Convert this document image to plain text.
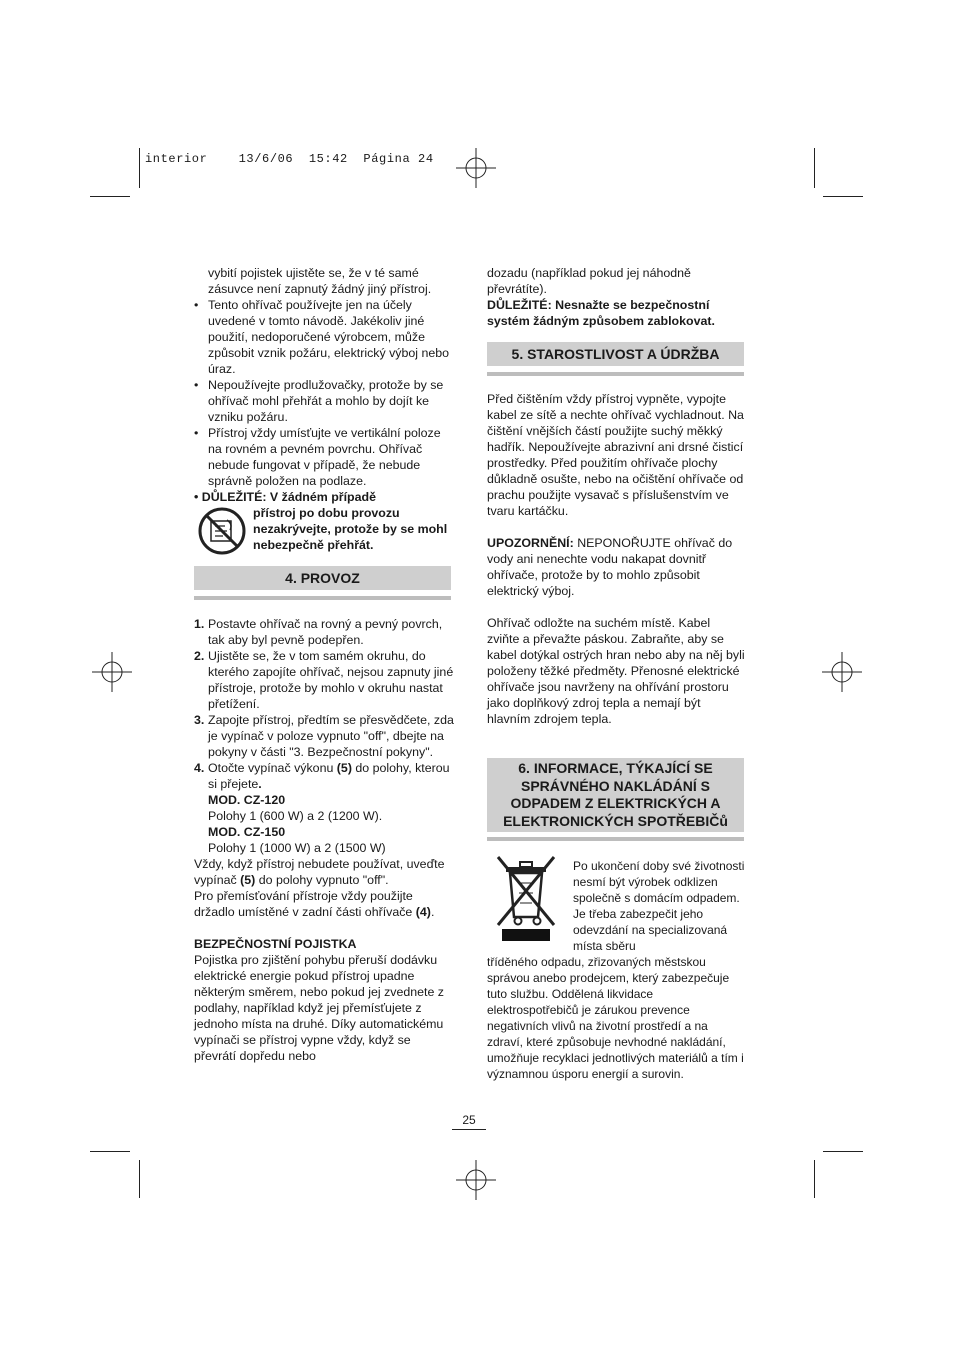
interior    13/6/06  15:42  Página 24

vybití pojistek ujistěte se, že v té samé zásuvce není zapnutý žádný jiný přístroj.

• Tento ohřívač používejte jen na účely uvedené v tomto návodě. Jakékoliv jiné použití, nedoporučené výrobcem, může způsobit vznik požáru, elektrický výboj nebo úraz.
• Nepoužívejte prodlužovačky, protože by se ohřívač mohl přehřát a mohlo by dojít ke vzniku požáru.
• Přístroj vždy umísťujte ve vertikální poloze na rovném a pevném povrchu. Ohřívač nebude fungovat v případě, že nebude správně položen na podlaze.

• DŮLEŽITÉ: V žádném případě

přístroj po dobu provozu nezakrývejte, protože by se mohl nebezpečně přehřát.
4. PROVOZ
1. Postavte ohřívač na rovný a pevný povrch, tak aby byl pevně podepřen.
2. Ujistěte se, že v tom samém okruhu, do kterého zapojíte ohřívač, nejsou zapnuty jiné přístroje, protože by mohlo v okruhu nastat přetížení.
3. Zapojte přístroj, předtím se přesvědčete, zda je vypínač v poloze vypnuto "off", dbejte na pokyny v části "3. Bezpečnostní pokyny".
4. Otočte vypínač výkonu (5) do polohy, kterou si přejete.

MOD. CZ-120

Polohy 1 (600 W) a 2 (1200 W).

MOD. CZ-150

Polohy 1 (1000 W) a 2 (1500 W)

Vždy, když přístroj nebudete používat, uveďte vypínač (5) do polohy vypnuto "off".

Pro přemísťování přístroje vždy použijte držadlo umístěné v zadní části ohřívače (4).

BEZPEČNOSTNÍ POJISTKA

Pojistka pro zjištění pohybu přeruší dodávku elektrické energie pokud přístroj upadne některým směrem, nebo pokud jej zvednete z podlahy, například když jej přemísťujete z jednoho místa na druhé. Díky automatickému vypínači se přístroj vypne vždy, když se převrátí dopředu nebo

dozadu (například pokud jej náhodně převrátíte).

DŮLEŽITÉ: Nesnažte se bezpečnostní systém žádným způsobem zablokovat.

5. STAROSTLIVOST A ÚDRŽBA

Před čištěním vždy přístroj vypněte, vypojte kabel ze sítě a nechte ohřívač vychladnout. Na čištění vnějších částí použijte suchý měkký hadřík. Nepoužívejte abrazivní ani drsné čisticí prostředky. Před použitím ohřívače plochy důkladně osušte, nebo na očištění ohřívače od prachu použijte vysavač s příslušenstvím ve tvaru kartáčku.

UPOZORNĚNÍ: NEPONOŘUJTE ohřívač do vody ani nenechte vodu nakapat dovnitř ohřívače, protože by to mohlo způsobit elektrický výboj.

Ohřívač odložte na suchém místě. Kabel zviňte a převažte páskou. Zabraňte, aby se kabel dotýkal ostrých hran nebo aby na něj byli položeny těžké předměty. Přenosné elektrické ohřívače jsou navrženy na ohřívání prostoru jako doplňkový zdroj tepla a nemají být hlavním zdrojem tepla.

6. INFORMACE, TÝKAJÍCÍ SE SPRÁVNÉHO NAKLÁDÁNÍ S ODPADEM Z ELEKTRICKÝCH A ELEKTRONICKÝCH SPOTŘEBIČů
Po ukončení doby své životnosti nesmí být výrobek odklizen společně s domácím odpadem. Je třeba zabezpečit jeho odevzdání na specializovaná místa sběru
tříděného odpadu, zřizovaných městskou správou anebo prodejcem, který zabezpečuje tuto službu. Oddělená likvidace elektrospotřebičů je zárukou prevence negativních vlivů na životní prostředí a na zdraví, které způsobuje nevhodné nakládání, umožňuje recyklaci jednotlivých materiálů a tím i významnou úsporu energií a surovin.
25
